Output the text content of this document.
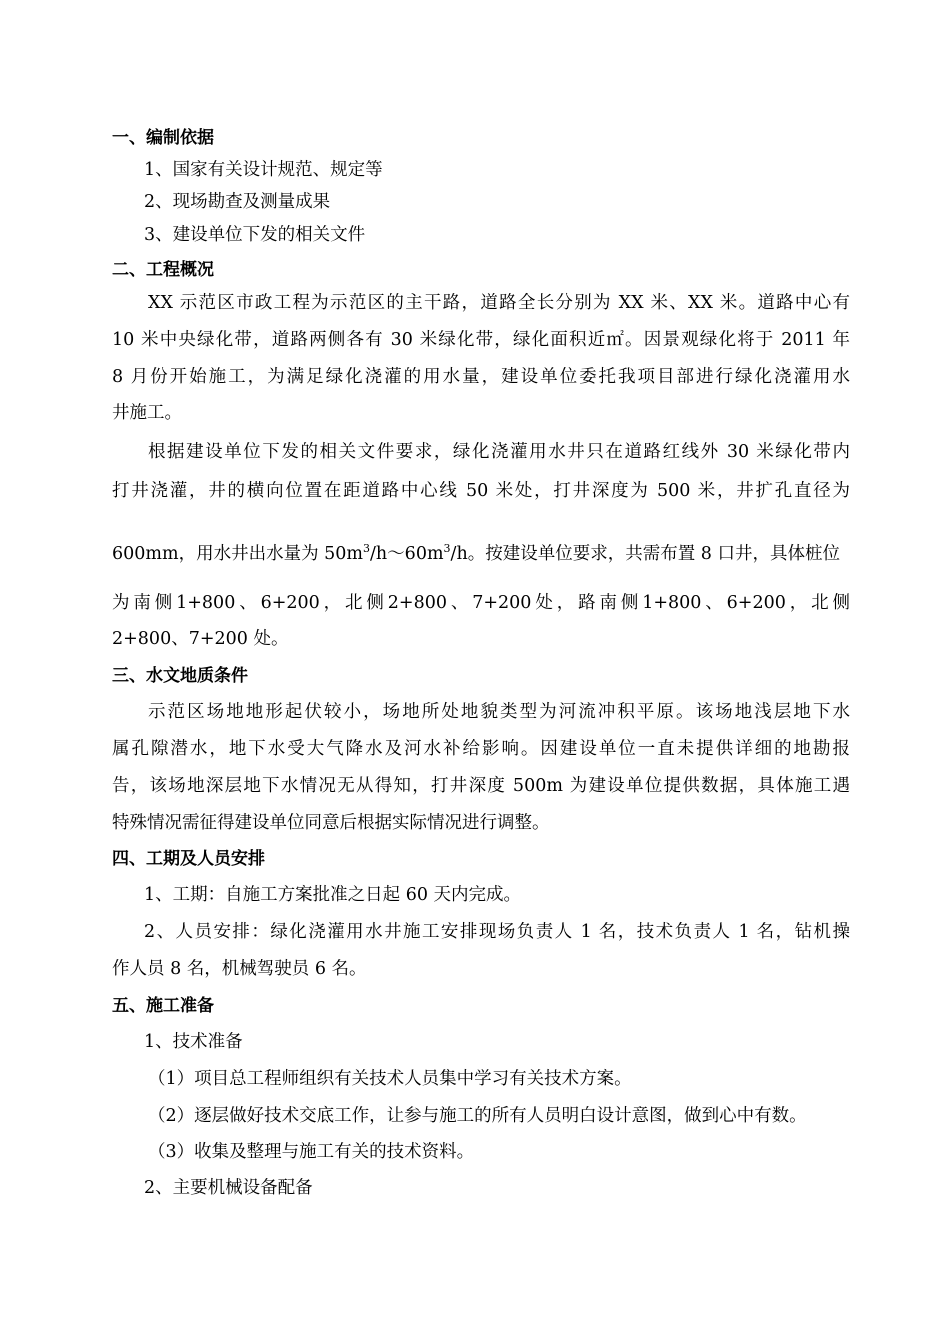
一、编制依据
1、国家有关设计规范、规定等
2、现场勘查及测量成果
3、建设单位下发的相关文件
二、工程概况
XX 示范区市政工程为示范区的主干路，道路全长分别为 XX 米、XX 米。道路中心有
10 米中央绿化带，道路两侧各有 30 米绿化带，绿化面积近㎡。因景观绿化将于 2011 年
8 月份开始施工，为满足绿化浇灌的用水量，建设单位委托我项目部进行绿化浇灌用水
井施工。
根据建设单位下发的相关文件要求，绿化浇灌用水井只在道路红线外 30 米绿化带内
打井浇灌，井的横向位置在距道路中心线 50 米处，打井深度为 500 米，井扩孔直径为
600mm，用水井出水量为 $50m^3/h\sim 60m^3/h$。按建设单位要求，共需布置 8 口井，具体桩位
为 南 侧 1+800 、 6+200 ， 北 侧 2+800 、 7+200 处 ， 路 南 侧 1+800 、 6+200 ， 北 侧
2+800、7+200 处。
三、水文地质条件
示范区场地地形起伏较小，场地所处地貌类型为河流冲积平原。该场地浅层地下水
属孔隙潜水，地下水受大气降水及河水补给影响。因建设单位一直未提供详细的地勘报
告，该场地深层地下水情况无从得知，打井深度 500m 为建设单位提供数据，具体施工遇
特殊情况需征得建设单位同意后根据实际情况进行调整。
四、工期及人员安排
1、工期：自施工方案批准之日起 60 天内完成。
2、人员安排：绿化浇灌用水井施工安排现场负责人 1 名，技术负责人 1 名，钻机操
作人员 8 名，机械驾驶员 6 名。
五、施工准备
1、技术准备
（1）项目总工程师组织有关技术人员集中学习有关技术方案。
（2）逐层做好技术交底工作，让参与施工的所有人员明白设计意图，做到心中有数。
（3）收集及整理与施工有关的技术资料。
2、主要机械设备配备
